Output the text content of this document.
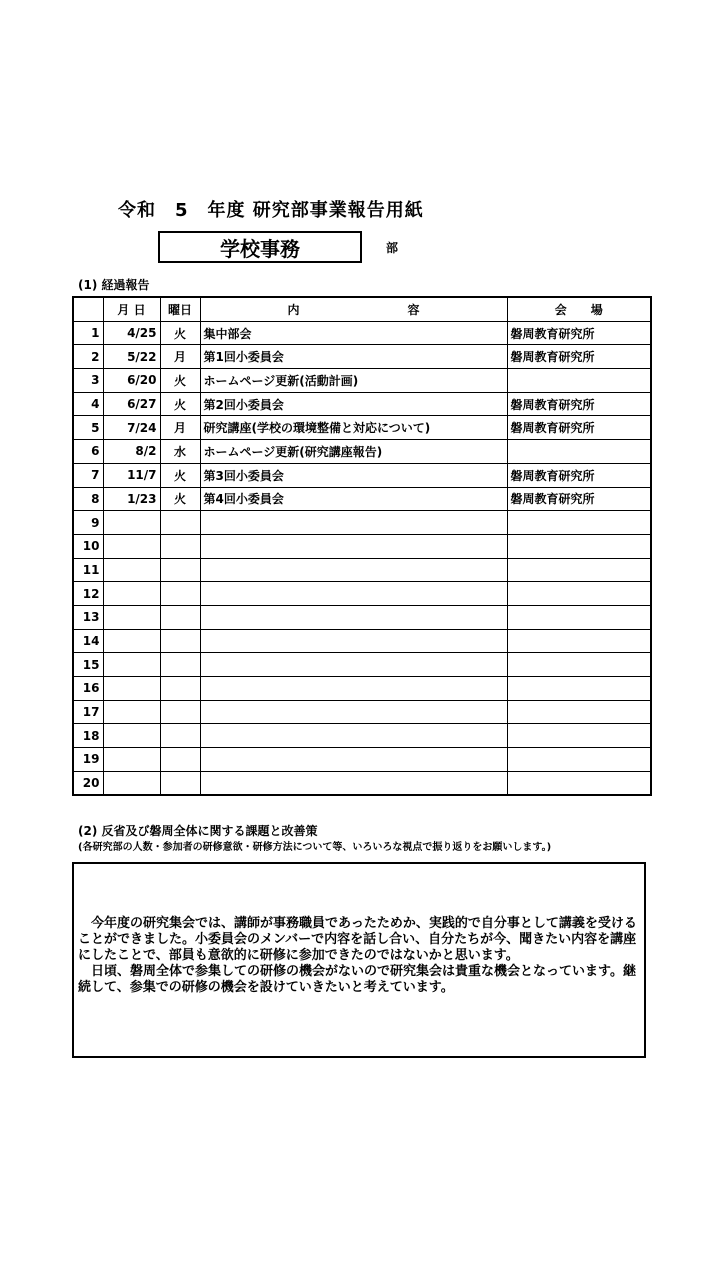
令和　5　年度 研究部事業報告用紙
学校事務	部
(1) 経過報告
	月 日	曜日	内　　　　　　　　　容	会　　場
1	4/25	火	集中部会	磐周教育研究所
2	5/22	月	第1回小委員会	磐周教育研究所
3	6/20	火	ホームページ更新(活動計画)	
4	6/27	火	第2回小委員会	磐周教育研究所
5	7/24	月	研究講座(学校の環境整備と対応について)	磐周教育研究所
6	8/2	水	ホームページ更新(研究講座報告)	
7	11/7	火	第3回小委員会	磐周教育研究所
8	1/23	火	第4回小委員会	磐周教育研究所
9				
10				
11				
12				
13				
14				
15				
16				
17				
18				
19				
20				
(2) 反省及び磐周全体に関する課題と改善策
(各研究部の人数・参加者の研修意欲・研修方法について等、いろいろな視点で振り返りをお願いします。)

　今年度の研究集会では、講師が事務職員であったためか、実践的で自分事として講義を受けることができました。小委員会のメンバーで内容を話し合い、自分たちが今、聞きたい内容を講座にしたことで、部員も意欲的に研修に参加できたのではないかと思います。

　日頃、磐周全体で参集しての研修の機会がないので研究集会は貴重な機会となっています。継続して、参集での研修の機会を設けていきたいと考えています。
